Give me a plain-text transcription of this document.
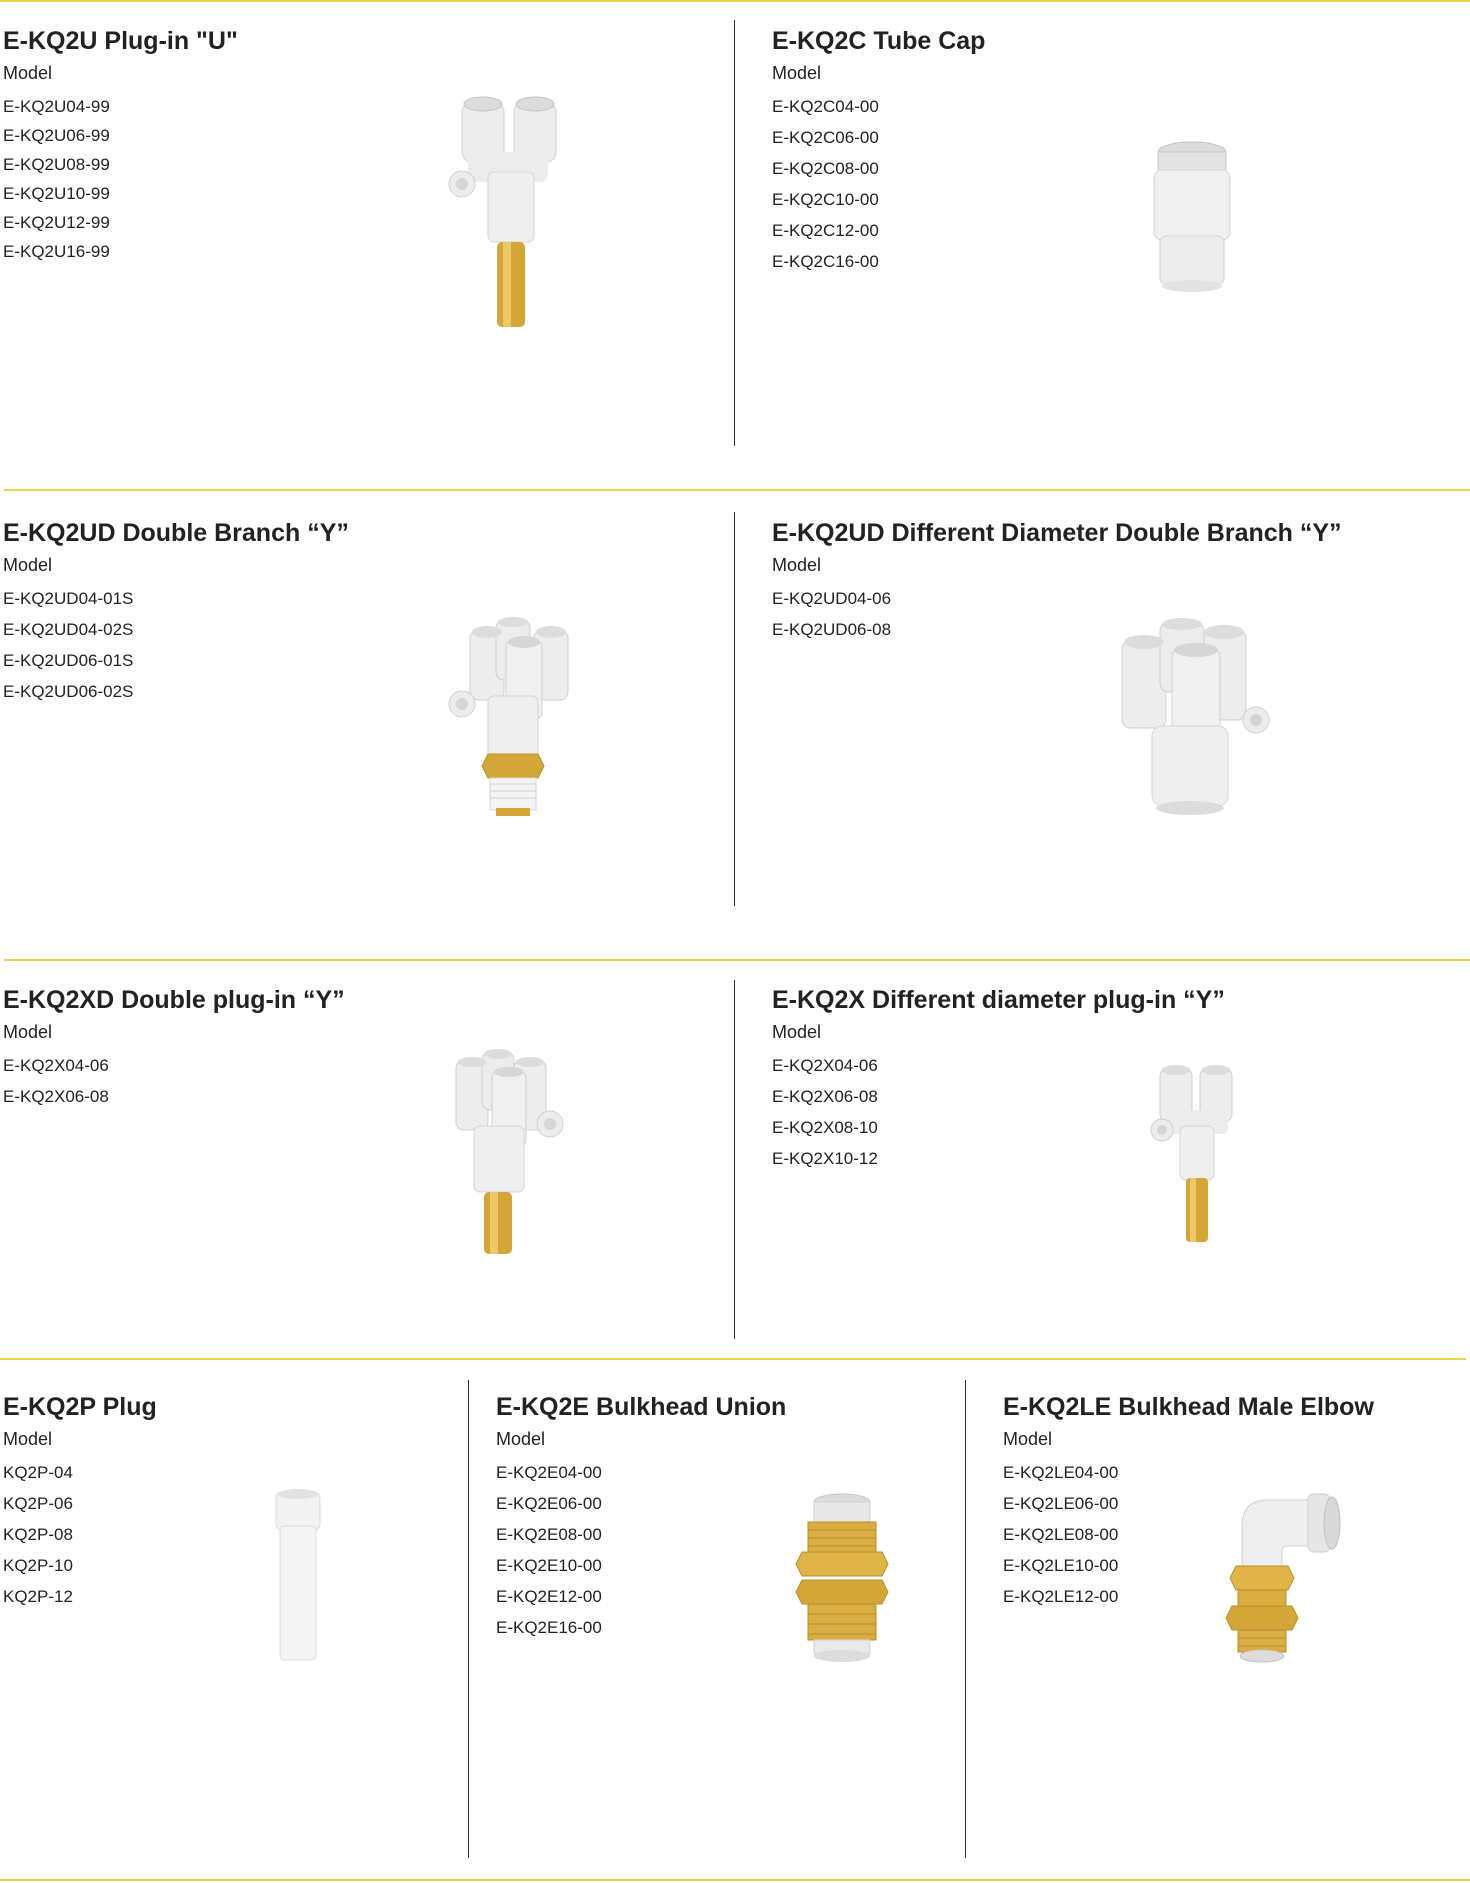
E-KQ2U Plug-in "U"
Model
E-KQ2U04-99
E-KQ2U06-99
E-KQ2U08-99
E-KQ2U10-99
E-KQ2U12-99
E-KQ2U16-99
E-KQ2C Tube Cap
Model
E-KQ2C04-00
E-KQ2C06-00
E-KQ2C08-00
E-KQ2C10-00
E-KQ2C12-00
E-KQ2C16-00
E-KQ2UD Double Branch “Y”
Model
E-KQ2UD04-01S
E-KQ2UD04-02S
E-KQ2UD06-01S
E-KQ2UD06-02S
E-KQ2UD Different Diameter Double Branch “Y”
Model
E-KQ2UD04-06
E-KQ2UD06-08
E-KQ2XD Double plug-in “Y”
Model
E-KQ2X04-06
E-KQ2X06-08
E-KQ2X Different diameter plug-in “Y”
Model
E-KQ2X04-06
E-KQ2X06-08
E-KQ2X08-10
E-KQ2X10-12
E-KQ2P Plug
Model
KQ2P-04
KQ2P-06
KQ2P-08
KQ2P-10
KQ2P-12
E-KQ2E Bulkhead Union
Model
E-KQ2E04-00
E-KQ2E06-00
E-KQ2E08-00
E-KQ2E10-00
E-KQ2E12-00
E-KQ2E16-00
E-KQ2LE Bulkhead Male Elbow
Model
E-KQ2LE04-00
E-KQ2LE06-00
E-KQ2LE08-00
E-KQ2LE10-00
E-KQ2LE12-00
